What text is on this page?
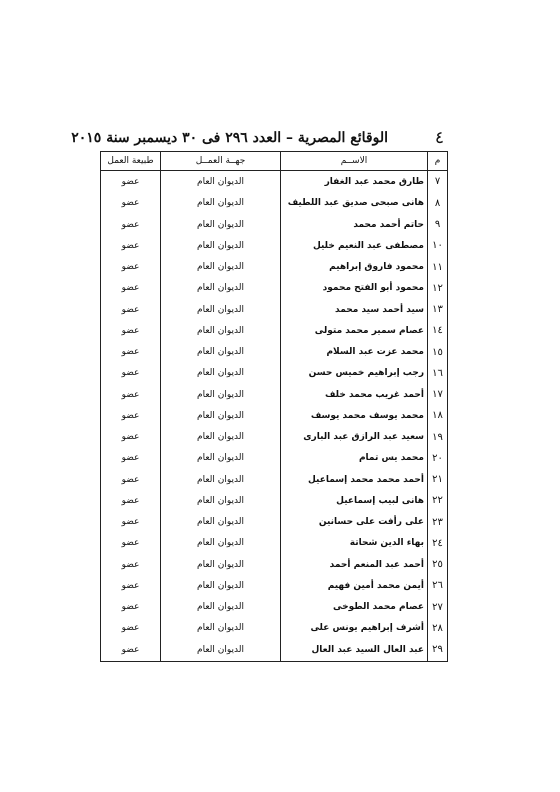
٤
الوقائع المصرية – العدد ٢٩٦ فى ٣٠ ديسمبر سنة ٢٠١٥
م	الاســم	جهــة العمــل	طبيعة العمل
٧	طارق محمد عبد الغفار	الديوان العام	عضو
٨	هانى صبحى صديق عبد اللطيف	الديوان العام	عضو
٩	حاتم أحمد محمد	الديوان العام	عضو
١٠	مصطفى عبد النعيم خليل	الديوان العام	عضو
١١	محمود فاروق إبراهيم	الديوان العام	عضو
١٢	محمود أبو الفتح محمود	الديوان العام	عضو
١٣	سيد أحمد سيد محمد	الديوان العام	عضو
١٤	عصام سمير محمد متولى	الديوان العام	عضو
١٥	محمد عزت عبد السلام	الديوان العام	عضو
١٦	رجب إبراهيم خميس حسن	الديوان العام	عضو
١٧	أحمد غريب محمد خلف	الديوان العام	عضو
١٨	محمد يوسف محمد يوسف	الديوان العام	عضو
١٩	سعيد عبد الرازق عبد البارى	الديوان العام	عضو
٢٠	محمد يس تمام	الديوان العام	عضو
٢١	أحمد محمد محمد إسماعيل	الديوان العام	عضو
٢٢	هانى لبيب إسماعيل	الديوان العام	عضو
٢٣	على رأفت على حسانين	الديوان العام	عضو
٢٤	بهاء الدين شحاتة	الديوان العام	عضو
٢٥	أحمد عبد المنعم أحمد	الديوان العام	عضو
٢٦	أيمن محمد أمين فهيم	الديوان العام	عضو
٢٧	عصام محمد الطوخى	الديوان العام	عضو
٢٨	أشرف إبراهيم يونس على	الديوان العام	عضو
٢٩	عبد العال السيد عبد العال	الديوان العام	عضو
